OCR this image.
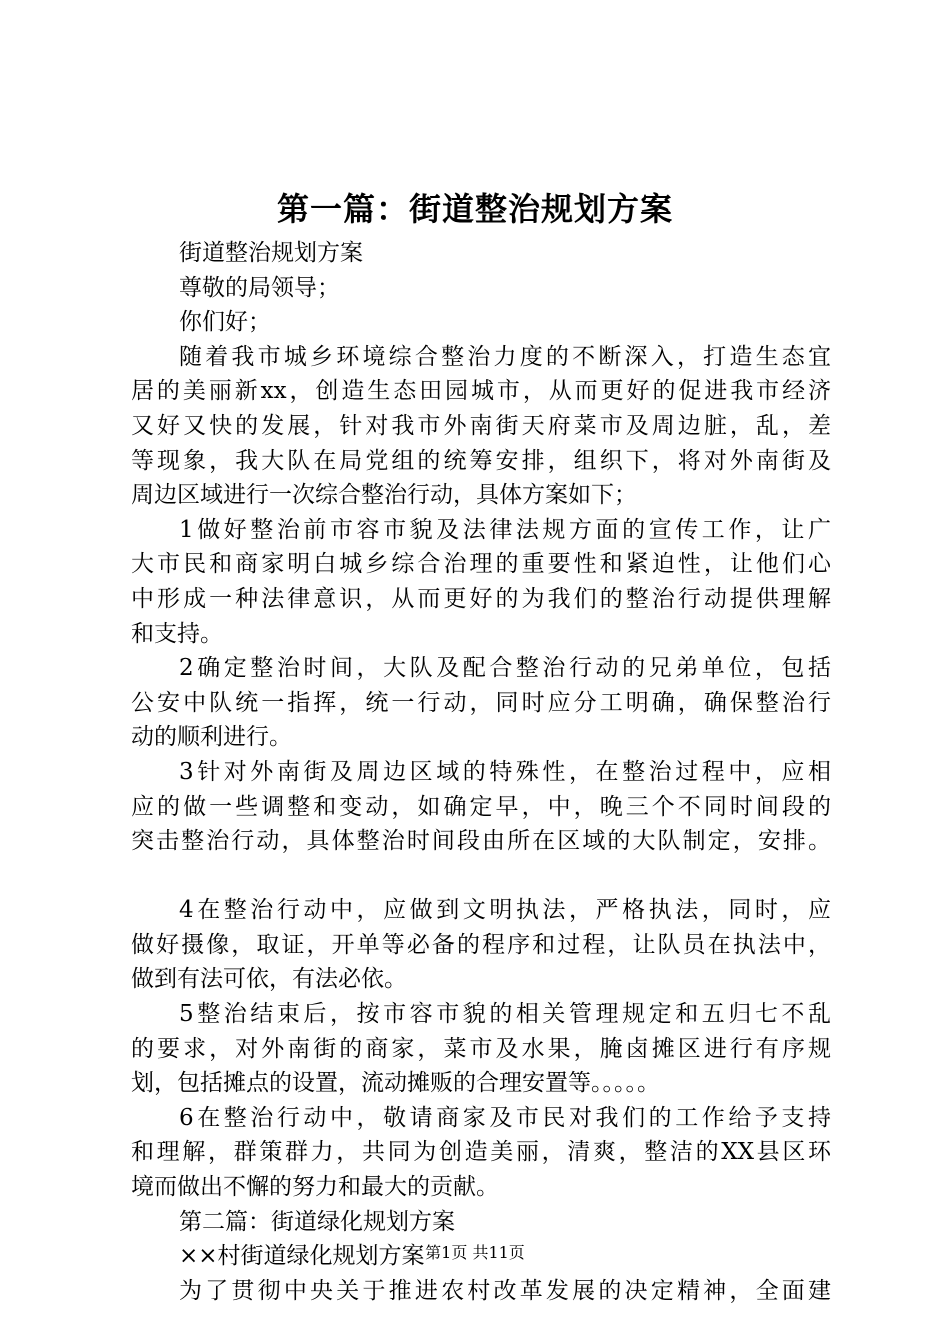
第一篇：街道整治规划方案
街道整治规划方案
尊敬的局领导；
你们好；
随着我市城乡环境综合整治力度的不断深入，打造生态宜
居的美丽新xx，创造生态田园城市，从而更好的促进我市经济
又好又快的发展，针对我市外南街天府菜市及周边脏，乱，差
等现象，我大队在局党组的统筹安排，组织下，将对外南街及
周边区域进行一次综合整治行动，具体方案如下；
1做好整治前市容市貌及法律法规方面的宣传工作，让广
大市民和商家明白城乡综合治理的重要性和紧迫性，让他们心
中形成一种法律意识，从而更好的为我们的整治行动提供理解
和支持。
2确定整治时间，大队及配合整治行动的兄弟单位，包括
公安中队统一指挥，统一行动，同时应分工明确，确保整治行
动的顺利进行。
3针对外南街及周边区域的特殊性，在整治过程中，应相
应的做一些调整和变动，如确定早，中，晚三个不同时间段的
突击整治行动，具体整治时间段由所在区域的大队制定，安排。
4在整治行动中，应做到文明执法，严格执法，同时，应
做好摄像，取证，开单等必备的程序和过程，让队员在执法中，
做到有法可依，有法必依。
5整治结束后，按市容市貌的相关管理规定和五归七不乱
的要求，对外南街的商家，菜市及水果，腌卤摊区进行有序规
划，包括摊点的设置，流动摊贩的合理安置等。。。。。
6在整治行动中，敬请商家及市民对我们的工作给予支持
和理解，群策群力，共同为创造美丽，清爽，整洁的XX县区环
境而做出不懈的努力和最大的贡献。
第二篇：街道绿化规划方案
××村街道绿化规划方案
为了贯彻中央关于推进农村改革发展的决定精神，全面建
第1页 共11页
